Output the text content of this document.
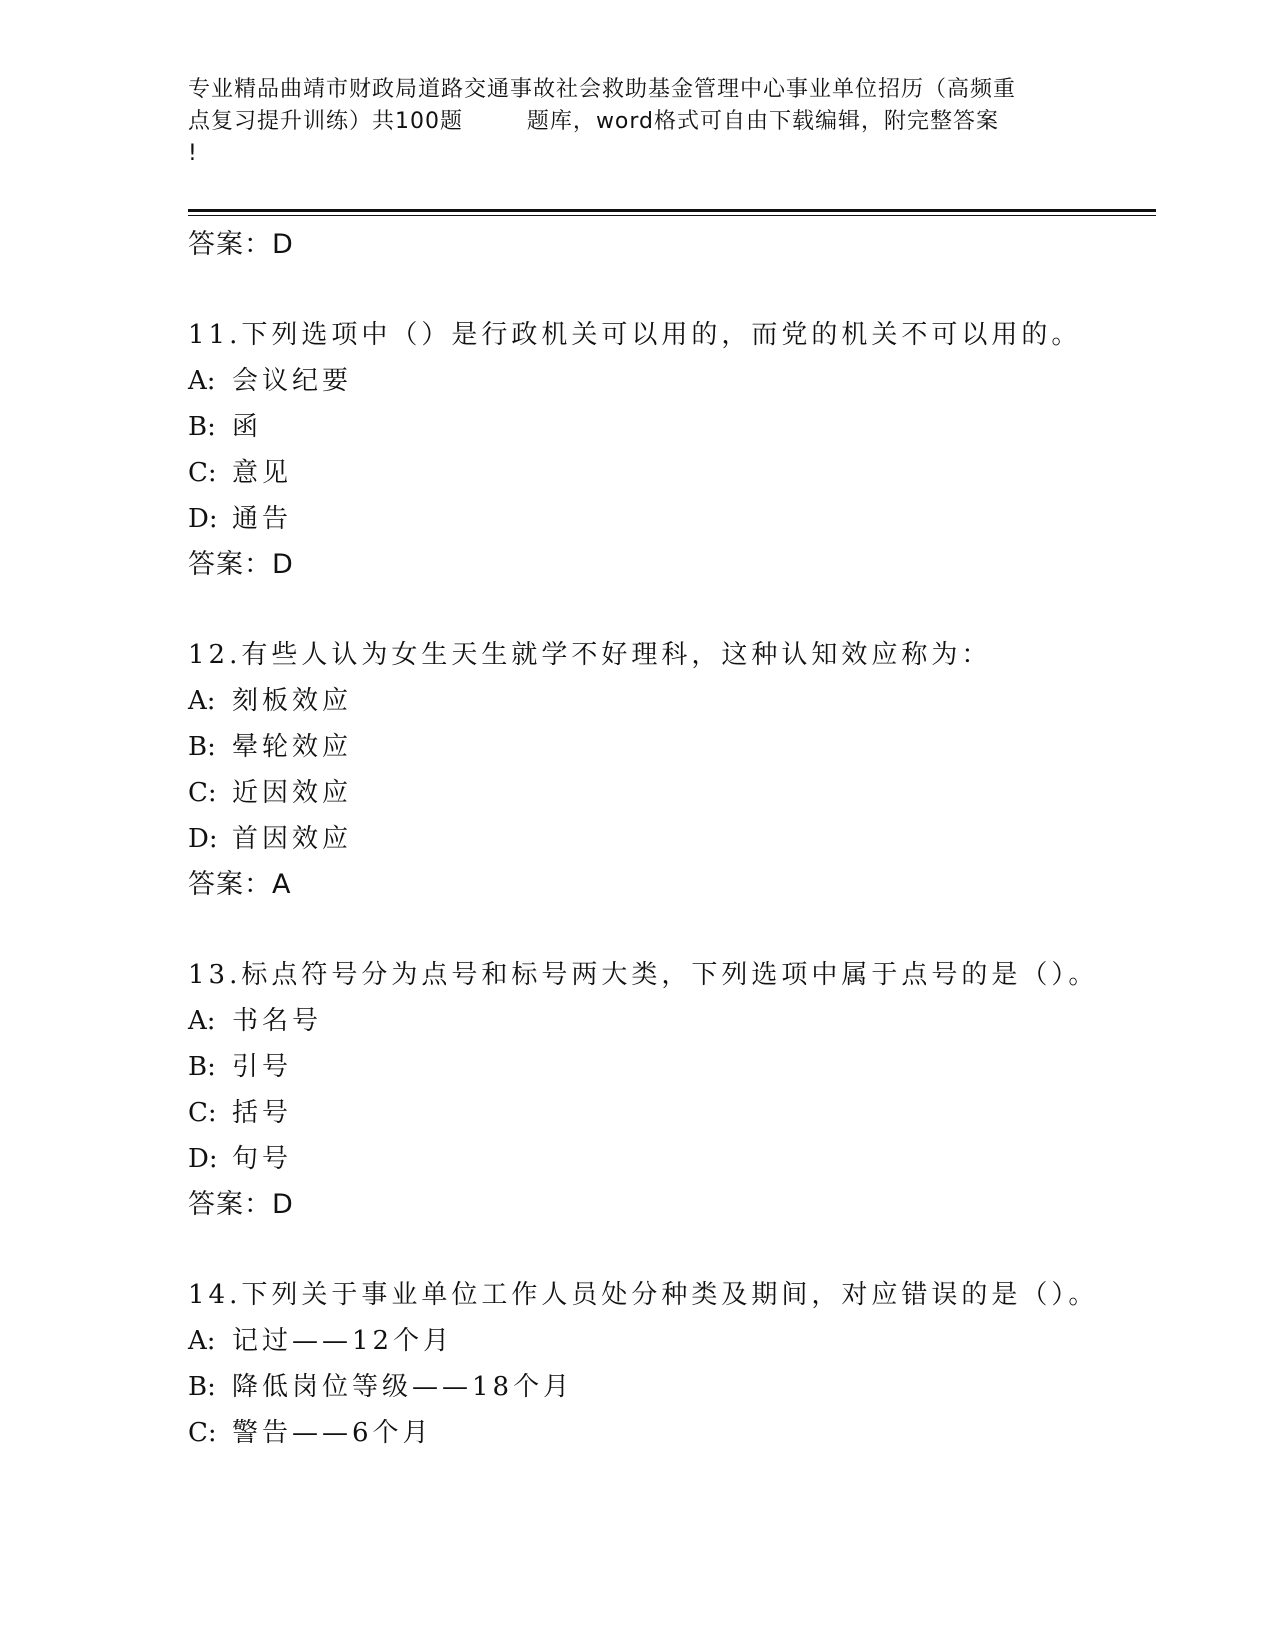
专业精品曲靖市财政局道路交通事故社会救助基金管理中心事业单位招历（高频重
点复习提升训练）共100题        题库，word格式可自由下载编辑，附完整答案
!
答案：D
11.下列选项中（）是行政机关可以用的，而党的机关不可以用的。
A: 会议纪要
B: 函
C: 意见
D: 通告
答案：D
12.有些人认为女生天生就学不好理科，这种认知效应称为：
A: 刻板效应
B: 晕轮效应
C: 近因效应
D: 首因效应
答案：A
13.标点符号分为点号和标号两大类，下列选项中属于点号的是（）。
A: 书名号
B: 引号
C: 括号
D: 句号
答案：D
14.下列关于事业单位工作人员处分种类及期间，对应错误的是（）。
A: 记过——12个月
B: 降低岗位等级——18个月
C: 警告——6个月
